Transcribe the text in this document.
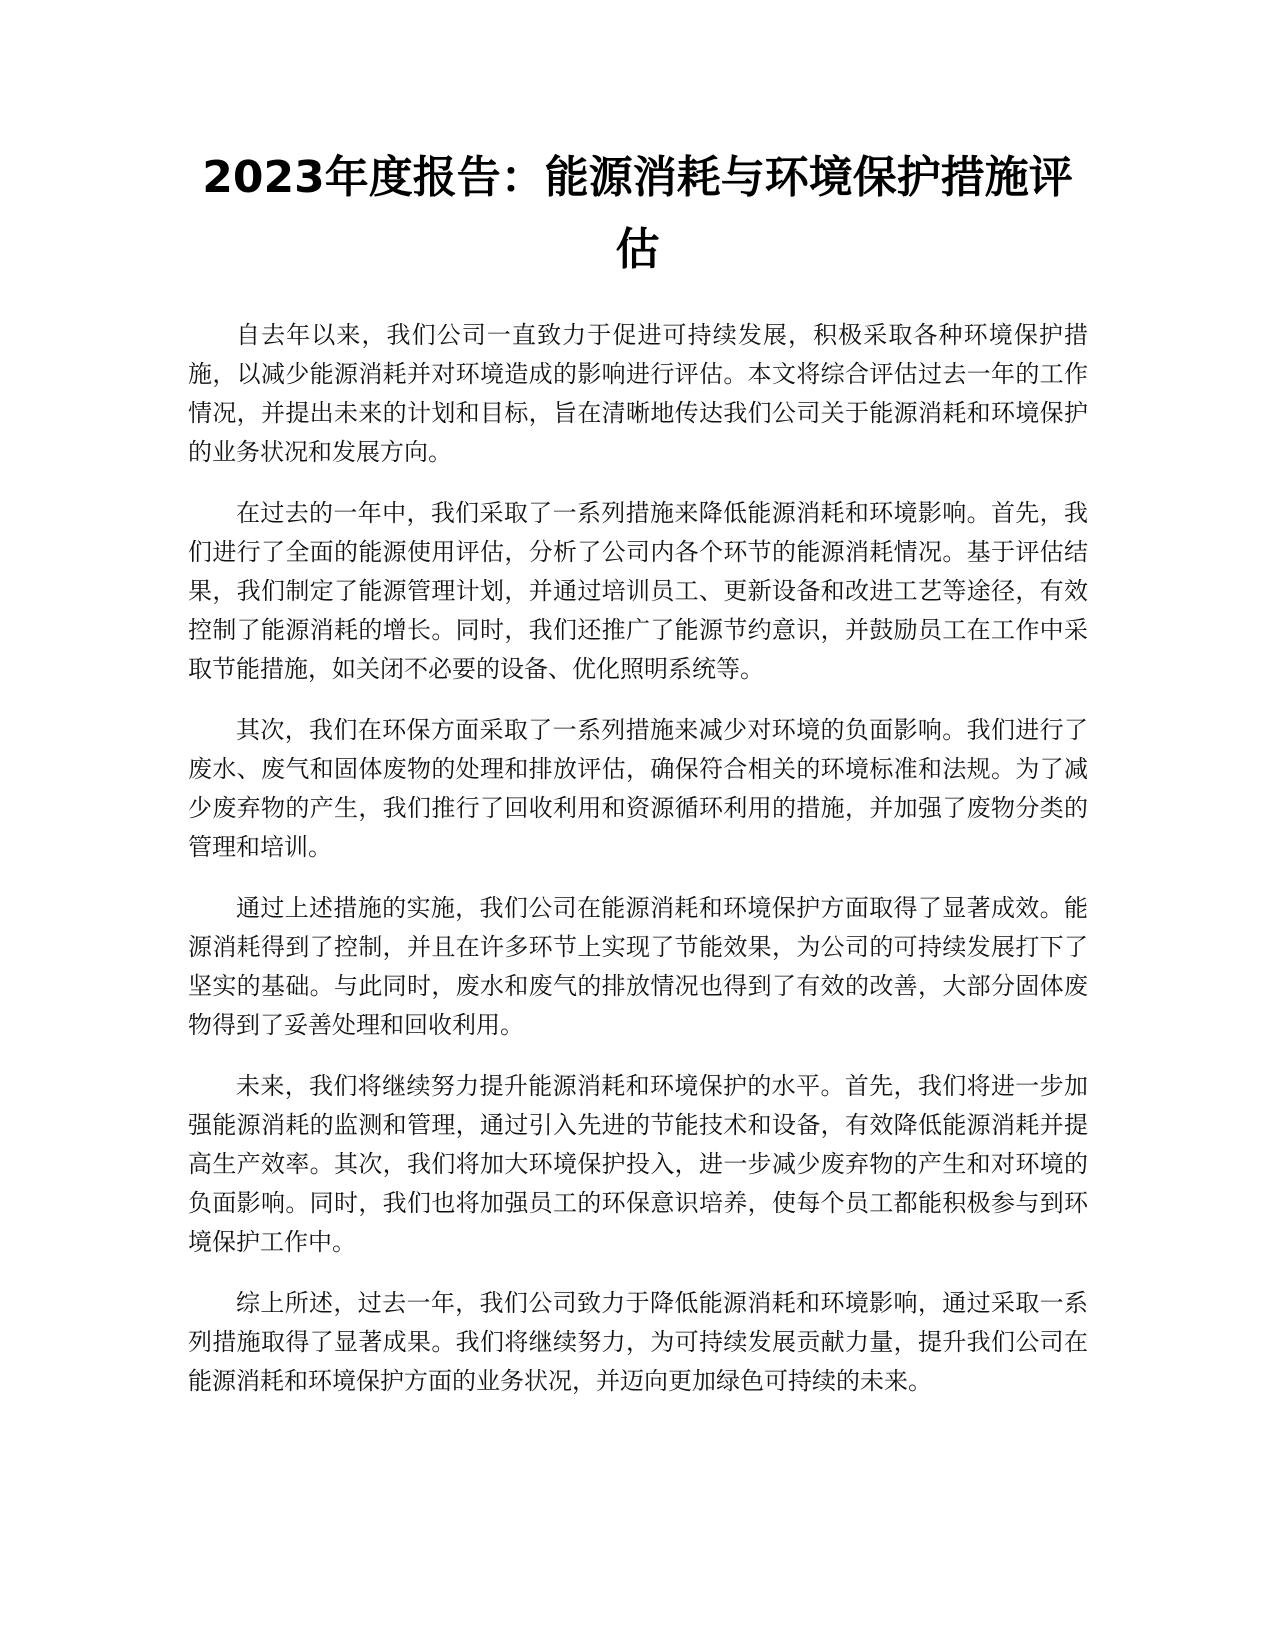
2023年度报告：能源消耗与环境保护措施评估

自去年以来，我们公司一直致力于促进可持续发展，积极采取各种环境保护措施，以减少能源消耗并对环境造成的影响进行评估。本文将综合评估过去一年的工作情况，并提出未来的计划和目标，旨在清晰地传达我们公司关于能源消耗和环境保护的业务状况和发展方向。

在过去的一年中，我们采取了一系列措施来降低能源消耗和环境影响。首先，我们进行了全面的能源使用评估，分析了公司内各个环节的能源消耗情况。基于评估结果，我们制定了能源管理计划，并通过培训员工、更新设备和改进工艺等途径，有效控制了能源消耗的增长。同时，我们还推广了能源节约意识，并鼓励员工在工作中采取节能措施，如关闭不必要的设备、优化照明系统等。

其次，我们在环保方面采取了一系列措施来减少对环境的负面影响。我们进行了废水、废气和固体废物的处理和排放评估，确保符合相关的环境标准和法规。为了减少废弃物的产生，我们推行了回收利用和资源循环利用的措施，并加强了废物分类的管理和培训。

通过上述措施的实施，我们公司在能源消耗和环境保护方面取得了显著成效。能源消耗得到了控制，并且在许多环节上实现了节能效果，为公司的可持续发展打下了坚实的基础。与此同时，废水和废气的排放情况也得到了有效的改善，大部分固体废物得到了妥善处理和回收利用。

未来，我们将继续努力提升能源消耗和环境保护的水平。首先，我们将进一步加强能源消耗的监测和管理，通过引入先进的节能技术和设备，有效降低能源消耗并提高生产效率。其次，我们将加大环境保护投入，进一步减少废弃物的产生和对环境的负面影响。同时，我们也将加强员工的环保意识培养，使每个员工都能积极参与到环境保护工作中。

综上所述，过去一年，我们公司致力于降低能源消耗和环境影响，通过采取一系列措施取得了显著成果。我们将继续努力，为可持续发展贡献力量，提升我们公司在能源消耗和环境保护方面的业务状况，并迈向更加绿色可持续的未来。
